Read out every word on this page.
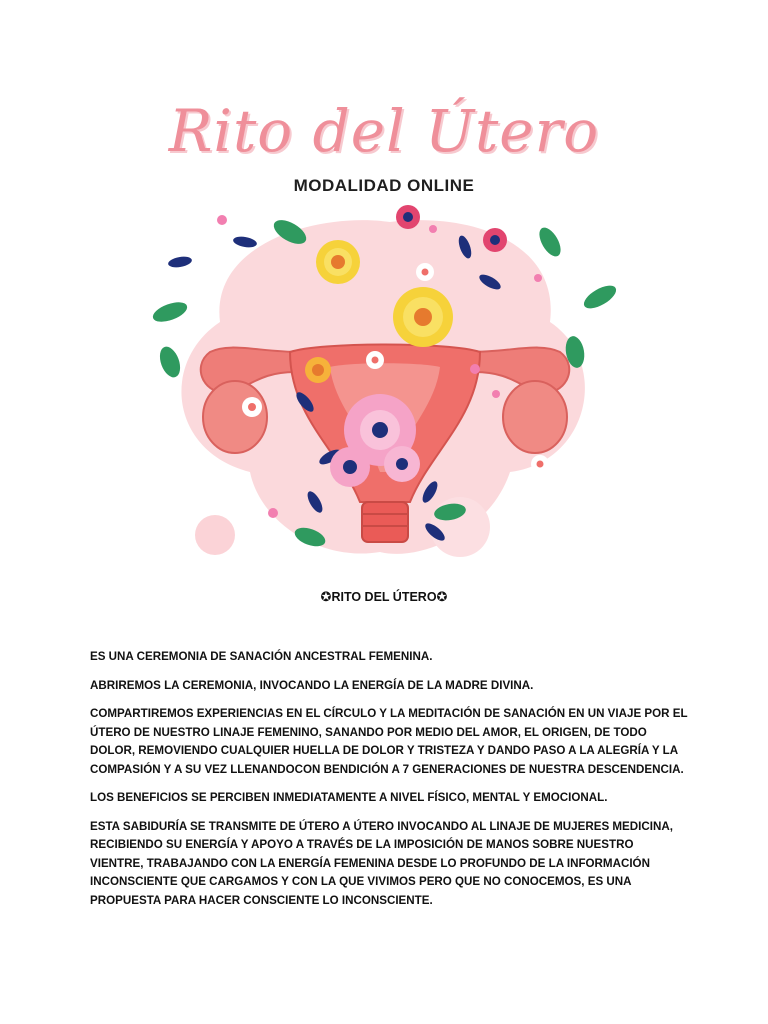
Rito del Útero
MODALIDAD ONLINE
✪RITO DEL ÚTERO✪

ES UNA CEREMONIA DE SANACIÓN ANCESTRAL FEMENINA.

ABRIREMOS LA CEREMONIA, INVOCANDO LA ENERGÍA DE LA MADRE DIVINA.

COMPARTIREMOS EXPERIENCIAS EN EL CÍRCULO Y LA MEDITACIÓN DE SANACIÓN EN UN VIAJE POR EL ÚTERO DE NUESTRO LINAJE FEMENINO, SANANDO POR MEDIO DEL AMOR, EL ORIGEN, DE TODO DOLOR, REMOVIENDO CUALQUIER HUELLA DE DOLOR Y TRISTEZA Y DANDO PASO A LA ALEGRÍA Y LA COMPASIÓN Y A SU VEZ LLENANDOCON BENDICIÓN A 7 GENERACIONES DE NUESTRA DESCENDENCIA.

LOS BENEFICIOS SE PERCIBEN INMEDIATAMENTE A NIVEL FÍSICO, MENTAL Y EMOCIONAL.

ESTA SABIDURÍA SE TRANSMITE DE ÚTERO A ÚTERO INVOCANDO AL LINAJE DE MUJERES MEDICINA, RECIBIENDO SU ENERGÍA Y APOYO A TRAVÉS DE LA IMPOSICIÓN DE MANOS SOBRE NUESTRO VIENTRE, TRABAJANDO CON LA ENERGÍA FEMENINA DESDE LO PROFUNDO DE LA INFORMACIÓN INCONSCIENTE QUE CARGAMOS Y CON LA QUE VIVIMOS PERO QUE NO CONOCEMOS, ES UNA PROPUESTA PARA HACER CONSCIENTE LO INCONSCIENTE.
